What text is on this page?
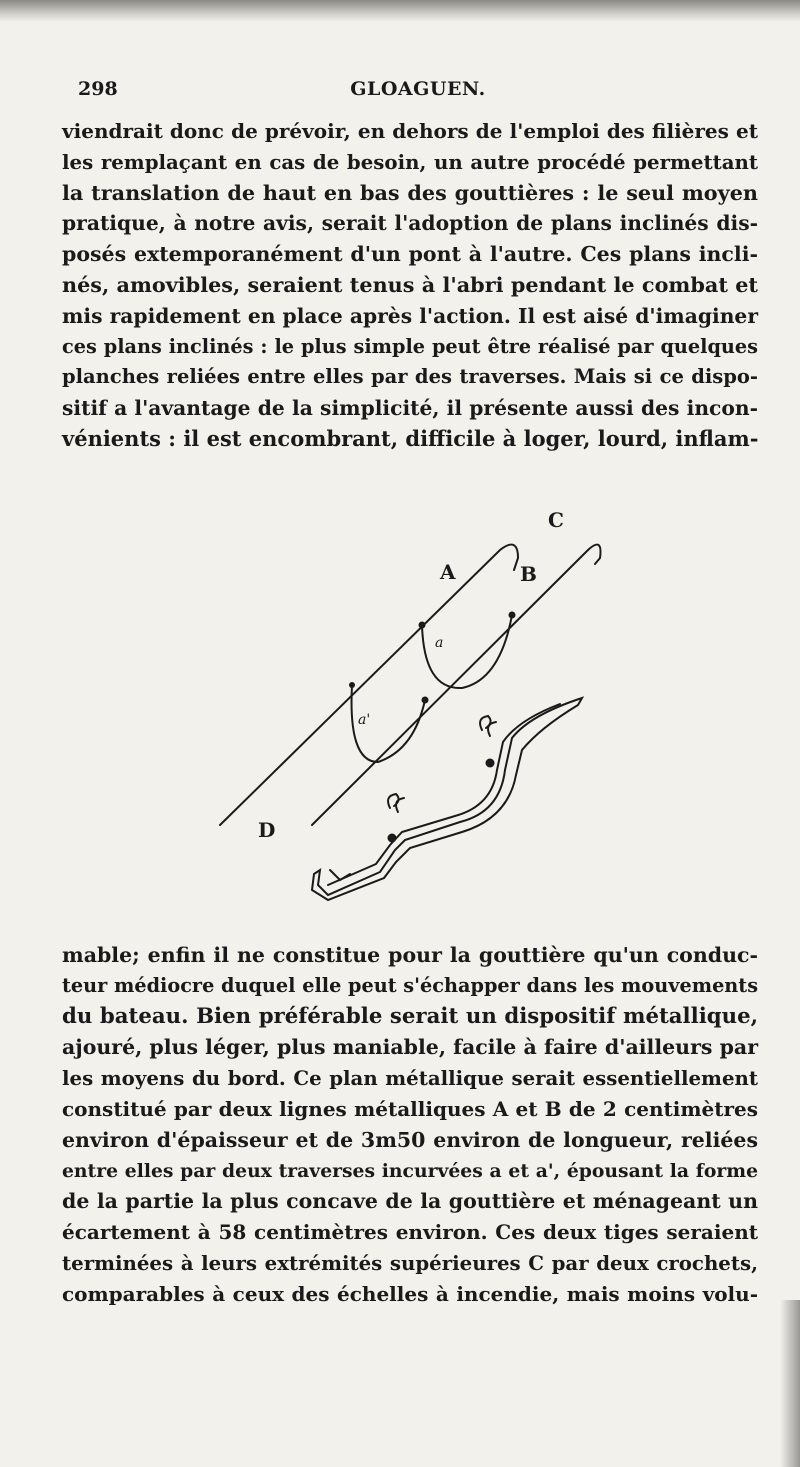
298	GLOAGUEN.
viendrait donc de prévoir, en dehors de l'emploi des filières et
les remplaçant en cas de besoin, un autre procédé permettant
la translation de haut en bas des gouttières : le seul moyen
pratique, à notre avis, serait l'adoption de plans inclinés dis-
posés extemporanément d'un pont à l'autre. Ces plans incli-
nés, amovibles, seraient tenus à l'abri pendant le combat et
mis rapidement en place après l'action. Il est aisé d'imaginer
ces plans inclinés : le plus simple peut être réalisé par quelques
planches reliées entre elles par des traverses. Mais si ce dispo-
sitif a l'avantage de la simplicité, il présente aussi des incon-
vénients : il est encombrant, difficile à loger, lourd, inflam-
C
A	B
a
a'
D
mable; enfin il ne constitue pour la gouttière qu'un conduc-
teur médiocre duquel elle peut s'échapper dans les mouvements
du bateau. Bien préférable serait un dispositif métallique,
ajouré, plus léger, plus maniable, facile à faire d'ailleurs par
les moyens du bord. Ce plan métallique serait essentiellement
constitué par deux lignes métalliques A et B de 2 centimètres
environ d'épaisseur et de 3m50 environ de longueur, reliées
entre elles par deux traverses incurvées a et a', épousant la forme
de la partie la plus concave de la gouttière et ménageant un
écartement à 58 centimètres environ. Ces deux tiges seraient
terminées à leurs extrémités supérieures C par deux crochets,
comparables à ceux des échelles à incendie, mais moins volu-
